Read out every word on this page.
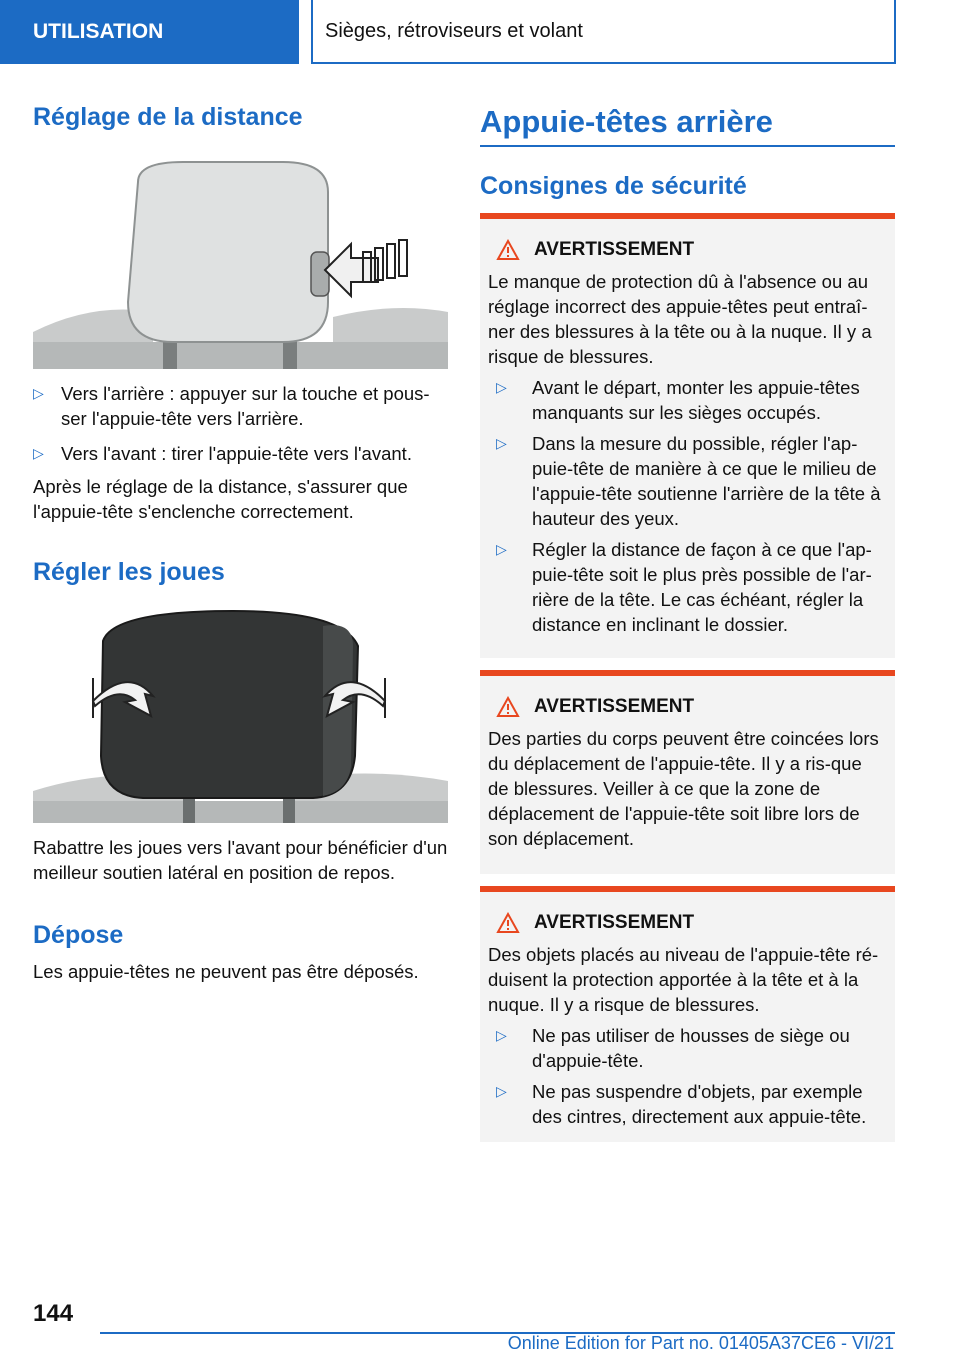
UTILISATION	Sièges, rétroviseurs et volant
Réglage de la distance
▷ Vers l'arrière : appuyer sur la touche et pous-
ser l'appuie-tête vers l'arrière.
▷ Vers l'avant : tirer l'appuie-tête vers l'avant.
Après le réglage de la distance, s'assurer que l'appuie-tête s'enclenche correctement.
Régler les joues
Rabattre les joues vers l'avant pour bénéficier d'un meilleur soutien latéral en position de repos.
Dépose
Les appuie-têtes ne peuvent pas être déposés.
Appuie-têtes arrière
Consignes de sécurité
AVERTISSEMENT
Le manque de protection dû à l'absence ou au réglage incorrect des appuie-têtes peut entraî-ner des blessures à la tête ou à la nuque. Il y a risque de blessures.
▷ Avant le départ, monter les appuie-têtes manquants sur les sièges occupés.
▷ Dans la mesure du possible, régler l'ap-puie-tête de manière à ce que le milieu de l'appuie-tête soutienne l'arrière de la tête à hauteur des yeux.
▷ Régler la distance de façon à ce que l'ap-puie-tête soit le plus près possible de l'ar-rière de la tête. Le cas échéant, régler la distance en inclinant le dossier.
AVERTISSEMENT
Des parties du corps peuvent être coincées lors du déplacement de l'appuie-tête. Il y a ris-que de blessures. Veiller à ce que la zone de déplacement de l'appuie-tête soit libre lors de son déplacement.
AVERTISSEMENT
Des objets placés au niveau de l'appuie-tête ré-duisent la protection apportée à la tête et à la nuque. Il y a risque de blessures.
▷ Ne pas utiliser de housses de siège ou d'appuie-tête.
▷ Ne pas suspendre d'objets, par exemple des cintres, directement aux appuie-tête.
144
Online Edition for Part no. 01405A37CE6 - VI/21
